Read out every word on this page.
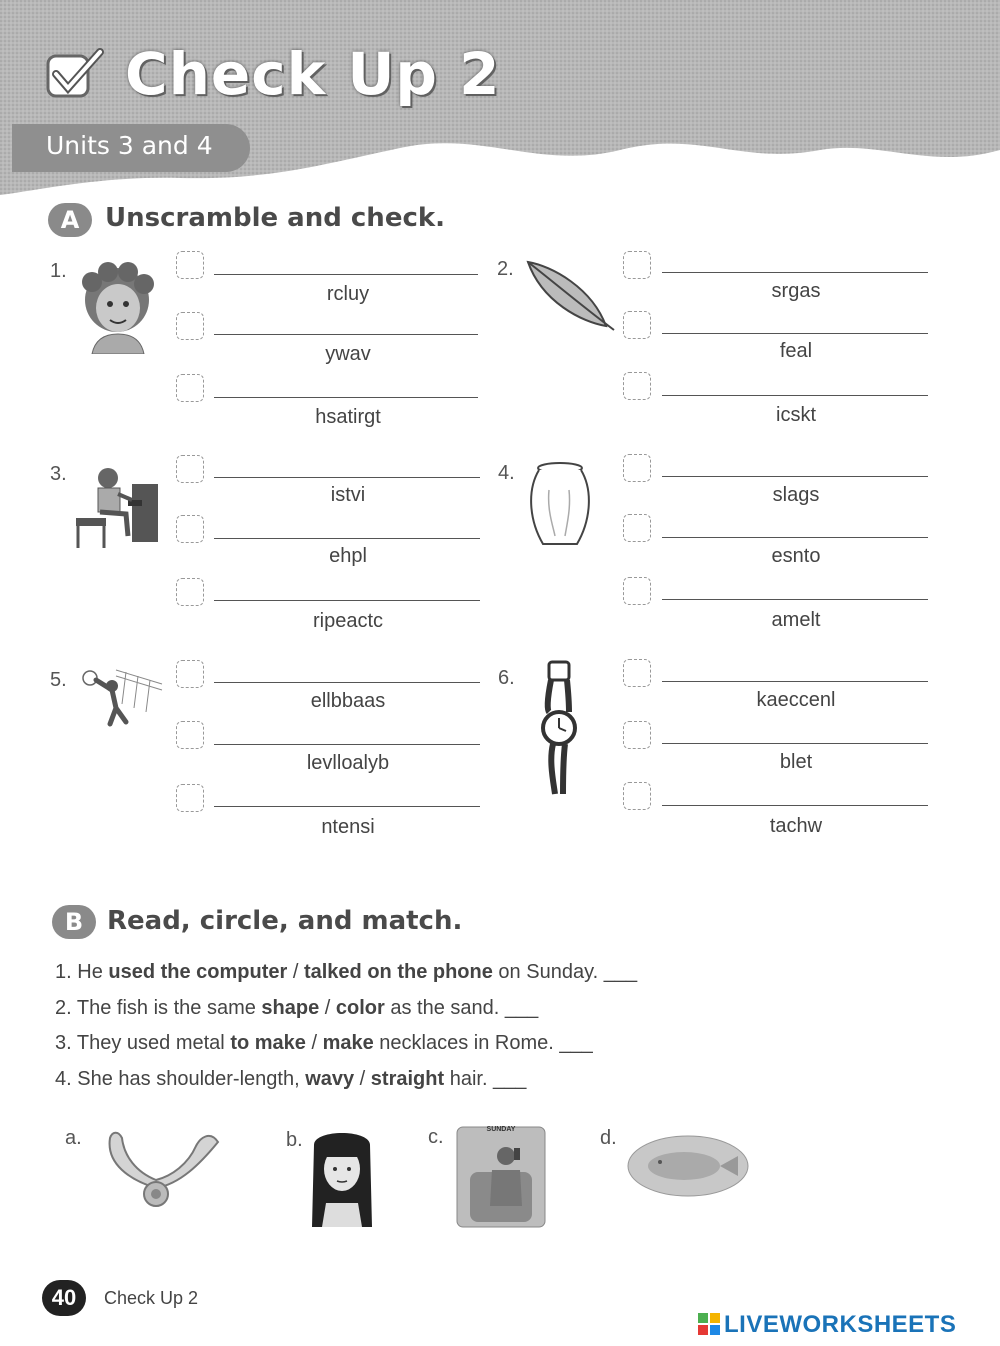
Check Up 2
Units 3 and 4
A Unscramble and check.
1.
rcluy
ywav
hsatirgt
2.
srgas
feal
icskt
3.
istvi
ehpl
ripeactc
4.
slags
esnto
amelt
5.
ellbbaas
levlloalyb
ntensi
6.
kaeccenl
blet
tachw
B Read, circle, and match.
1. He used the computer / talked on the phone on Sunday. ___
2. The fish is the same shape / color as the sand. ___
3. They used metal to make / make necklaces in Rome. ___
4. She has shoulder-length, wavy / straight hair. ___
a.	b.	c.	SUNDAY	d.
40	Check Up 2
LIVEWORKSHEETS
